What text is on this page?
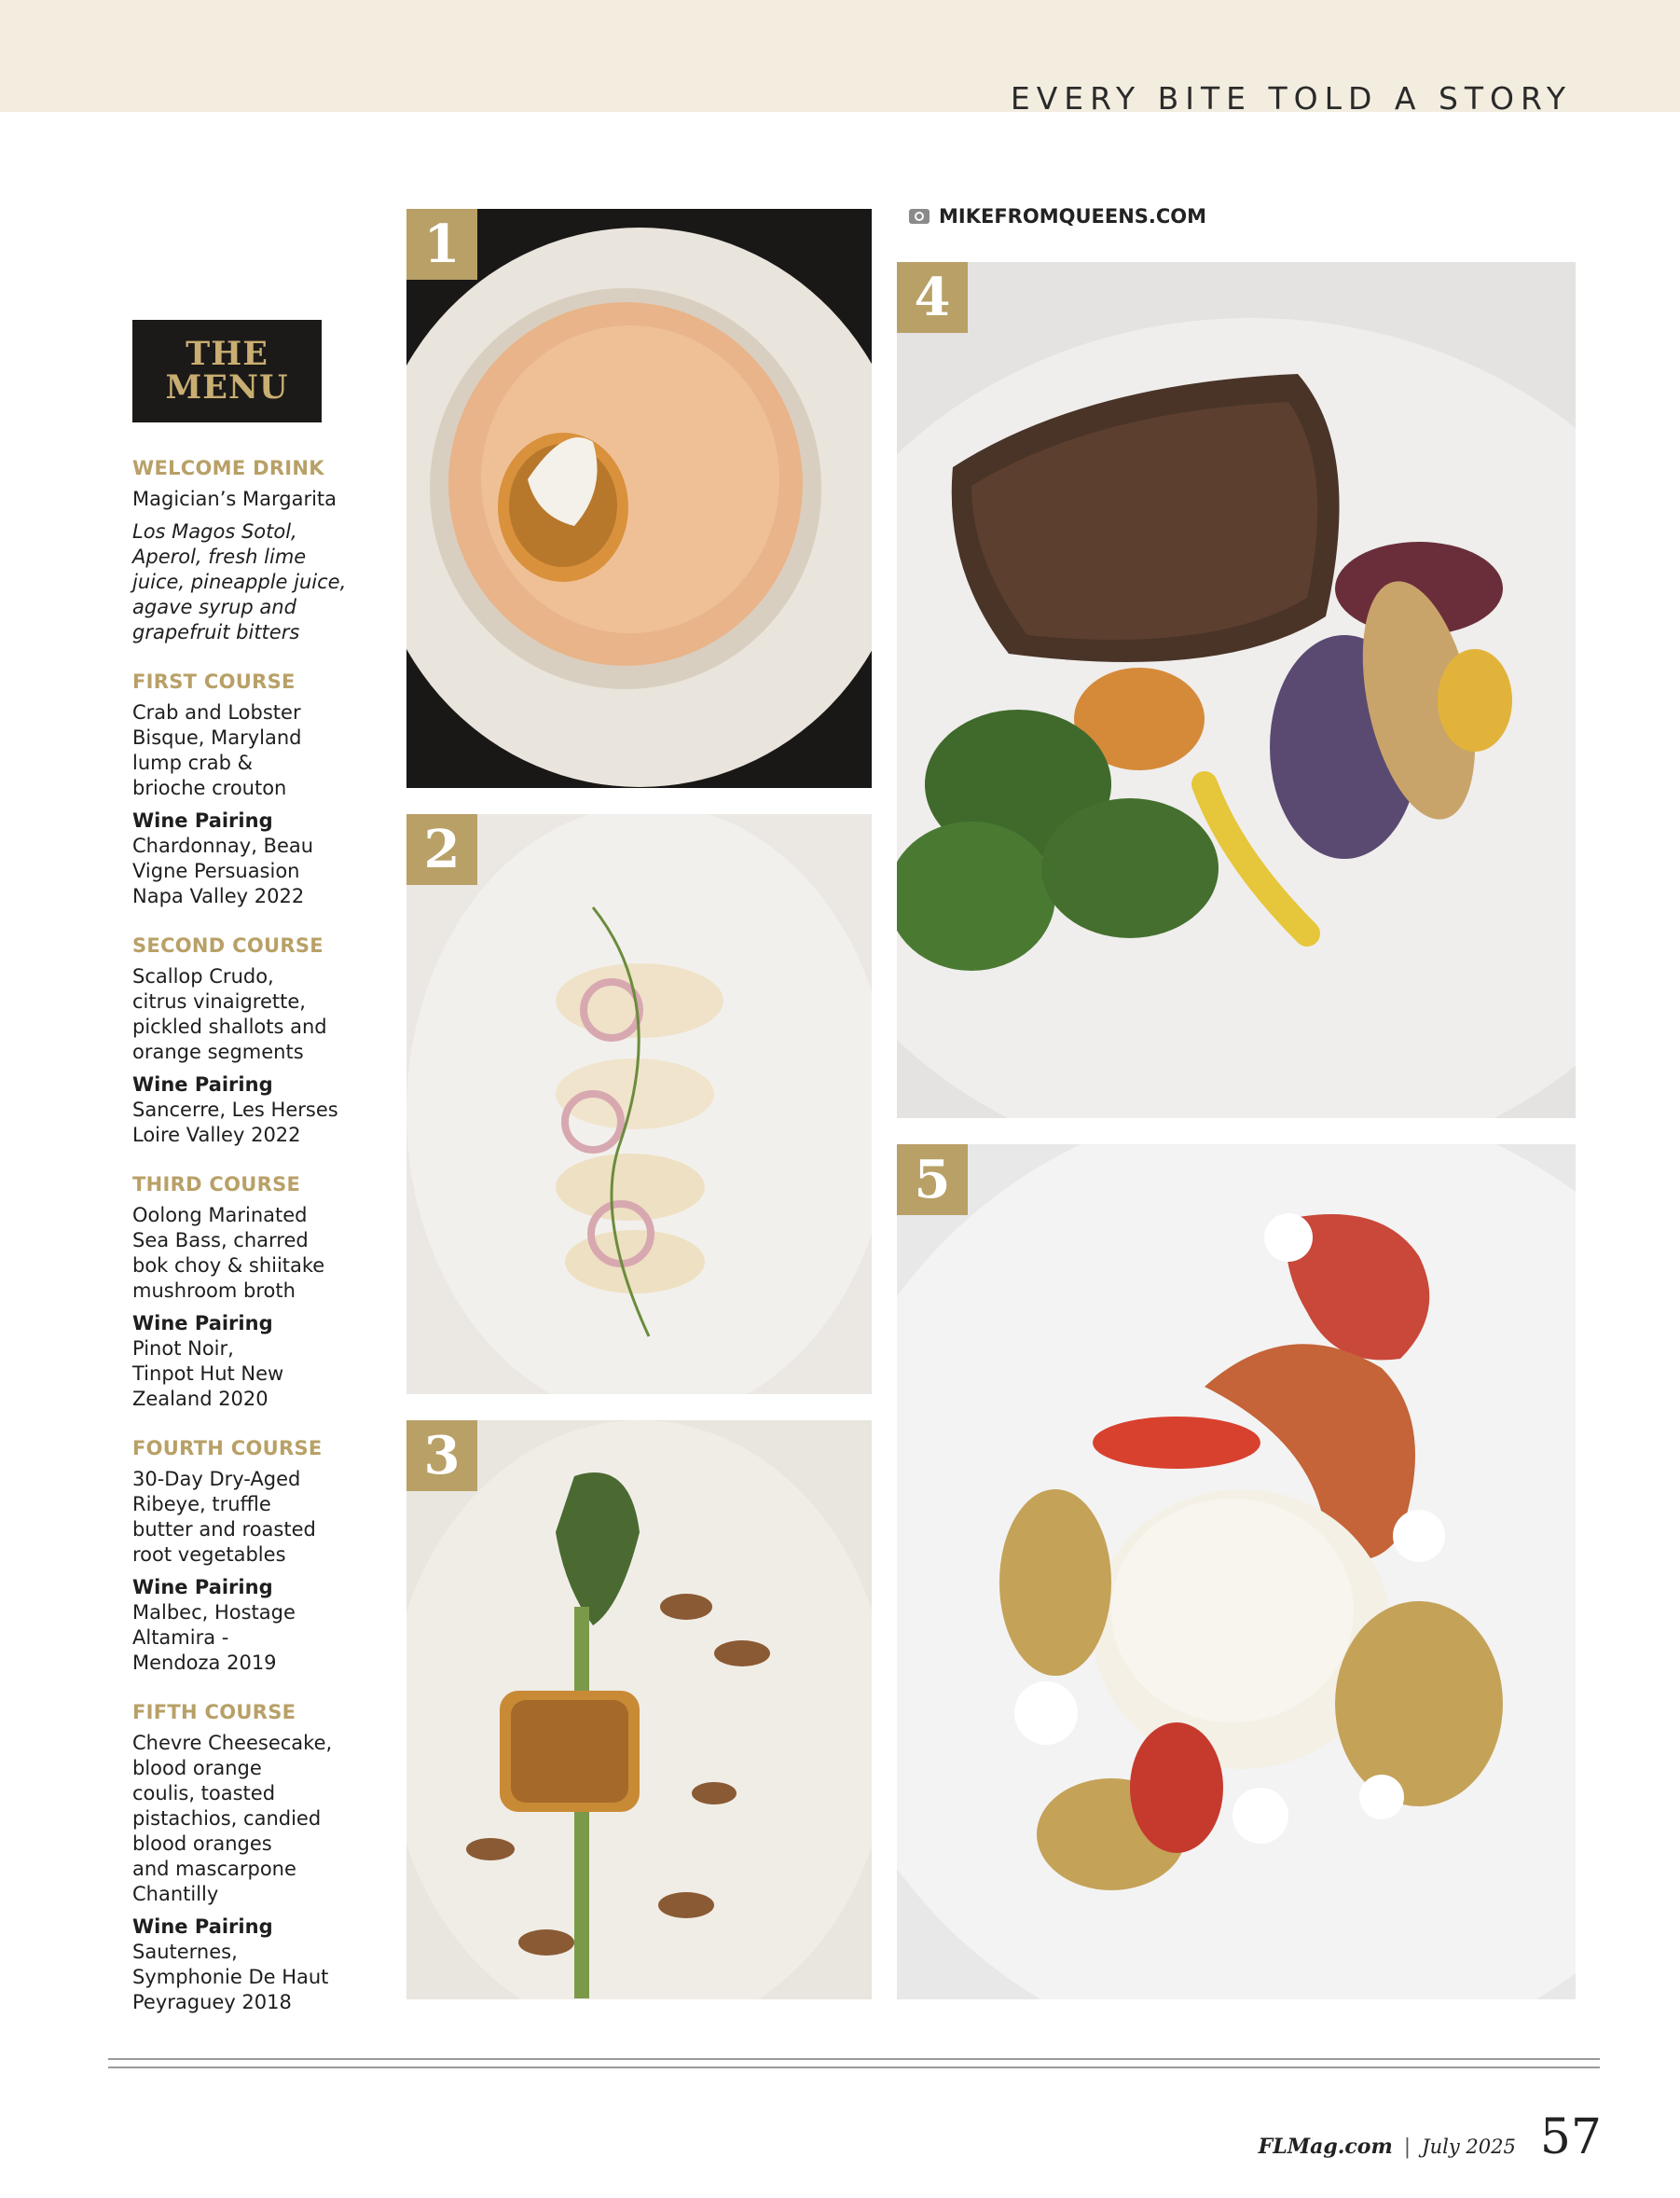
EVERY BITE TOLD A STORY
THE
MENU
WELCOME DRINK
Magician’s Margarita
Los Magos Sotol,
Aperol, fresh lime
juice, pineapple juice,
agave syrup and
grapefruit bitters
FIRST COURSE
Crab and Lobster
Bisque, Maryland
lump crab &
brioche crouton
Wine Pairing
Chardonnay, Beau
Vigne Persuasion
Napa Valley 2022
SECOND COURSE
Scallop Crudo,
citrus vinaigrette,
pickled shallots and
orange segments
Wine Pairing
Sancerre, Les Herses
Loire Valley 2022
THIRD COURSE
Oolong Marinated
Sea Bass, charred
bok choy & shiitake
mushroom broth
Wine Pairing
Pinot Noir,
Tinpot Hut New
Zealand 2020
FOURTH COURSE
30-Day Dry-Aged
Ribeye, truffle
butter and roasted
root vegetables
Wine Pairing
Malbec, Hostage
Altamira -
Mendoza 2019
FIFTH COURSE
Chevre Cheesecake,
blood orange
coulis, toasted
pistachios, candied
blood oranges
and mascarpone
Chantilly
Wine Pairing
Sauternes,
Symphonie De Haut
Peyraguey 2018
1
2
3
MIKEFROMQUEENS.COM
4
5
FLMag.com | July 2025 57
